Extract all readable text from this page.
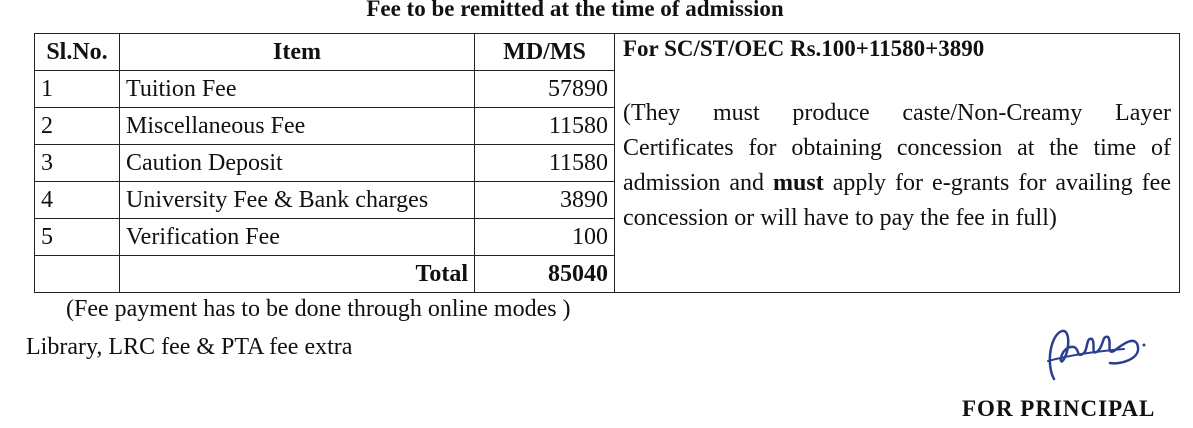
Fee to be remitted at the time of admission
Sl.No.	Item	MD/MS	For SC/ST/OEC Rs.100+11580+3890
(They must produce caste/Non-Creamy Layer Certificates for obtaining concession at the time of admission and must apply for e-grants for availing fee concession or will have to pay the fee in full)

1	Tuition Fee	57890	
2	Miscellaneous Fee	11580	
3	Caution Deposit	11580	
4	University Fee & Bank charges	3890	
5	Verification Fee	100	
	Total	85040	
(Fee payment has to be done through online modes )
Library, LRC fee & PTA fee extra
FOR PRINCIPAL
